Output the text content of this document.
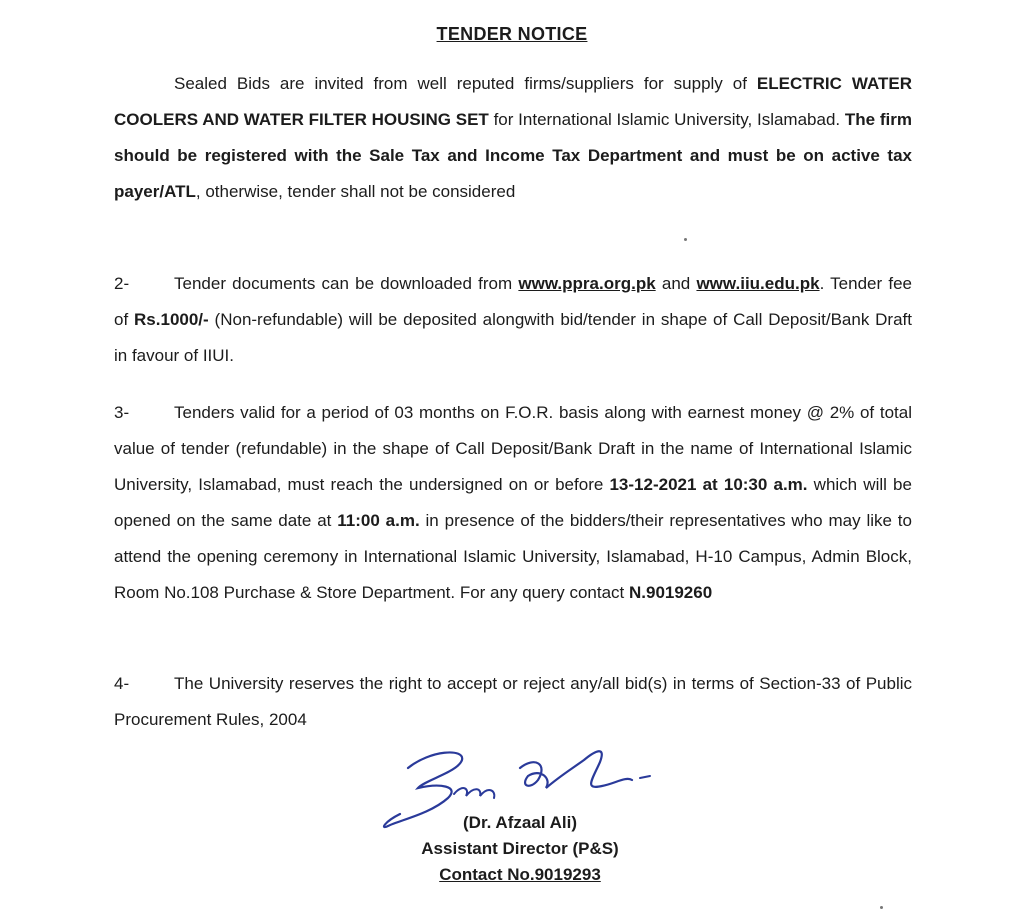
TENDER NOTICE
Sealed Bids are invited from well reputed firms/suppliers for supply of ELECTRIC WATER COOLERS AND WATER FILTER HOUSING SET for International Islamic University, Islamabad. The firm should be registered with the Sale Tax and Income Tax Department and must be on active tax payer/ATL, otherwise, tender shall not be considered
2-	Tender documents can be downloaded from www.ppra.org.pk and www.iiu.edu.pk. Tender fee of Rs.1000/- (Non-refundable) will be deposited alongwith bid/tender in shape of Call Deposit/Bank Draft in favour of IIUI.
3-	Tenders valid for a period of 03 months on F.O.R. basis along with earnest money @ 2% of total value of tender (refundable) in the shape of Call Deposit/Bank Draft in the name of International Islamic University, Islamabad, must reach the undersigned on or before 13-12-2021 at 10:30 a.m. which will be opened on the same date at 11:00 a.m. in presence of the bidders/their representatives who may like to attend the opening ceremony in International Islamic University, Islamabad, H-10 Campus, Admin Block, Room No.108 Purchase & Store Department. For any query contact N.9019260
4-	The University reserves the right to accept or reject any/all bid(s) in terms of Section-33 of Public Procurement Rules, 2004
(Dr. Afzaal Ali)
Assistant Director (P&S)
Contact No.9019293
